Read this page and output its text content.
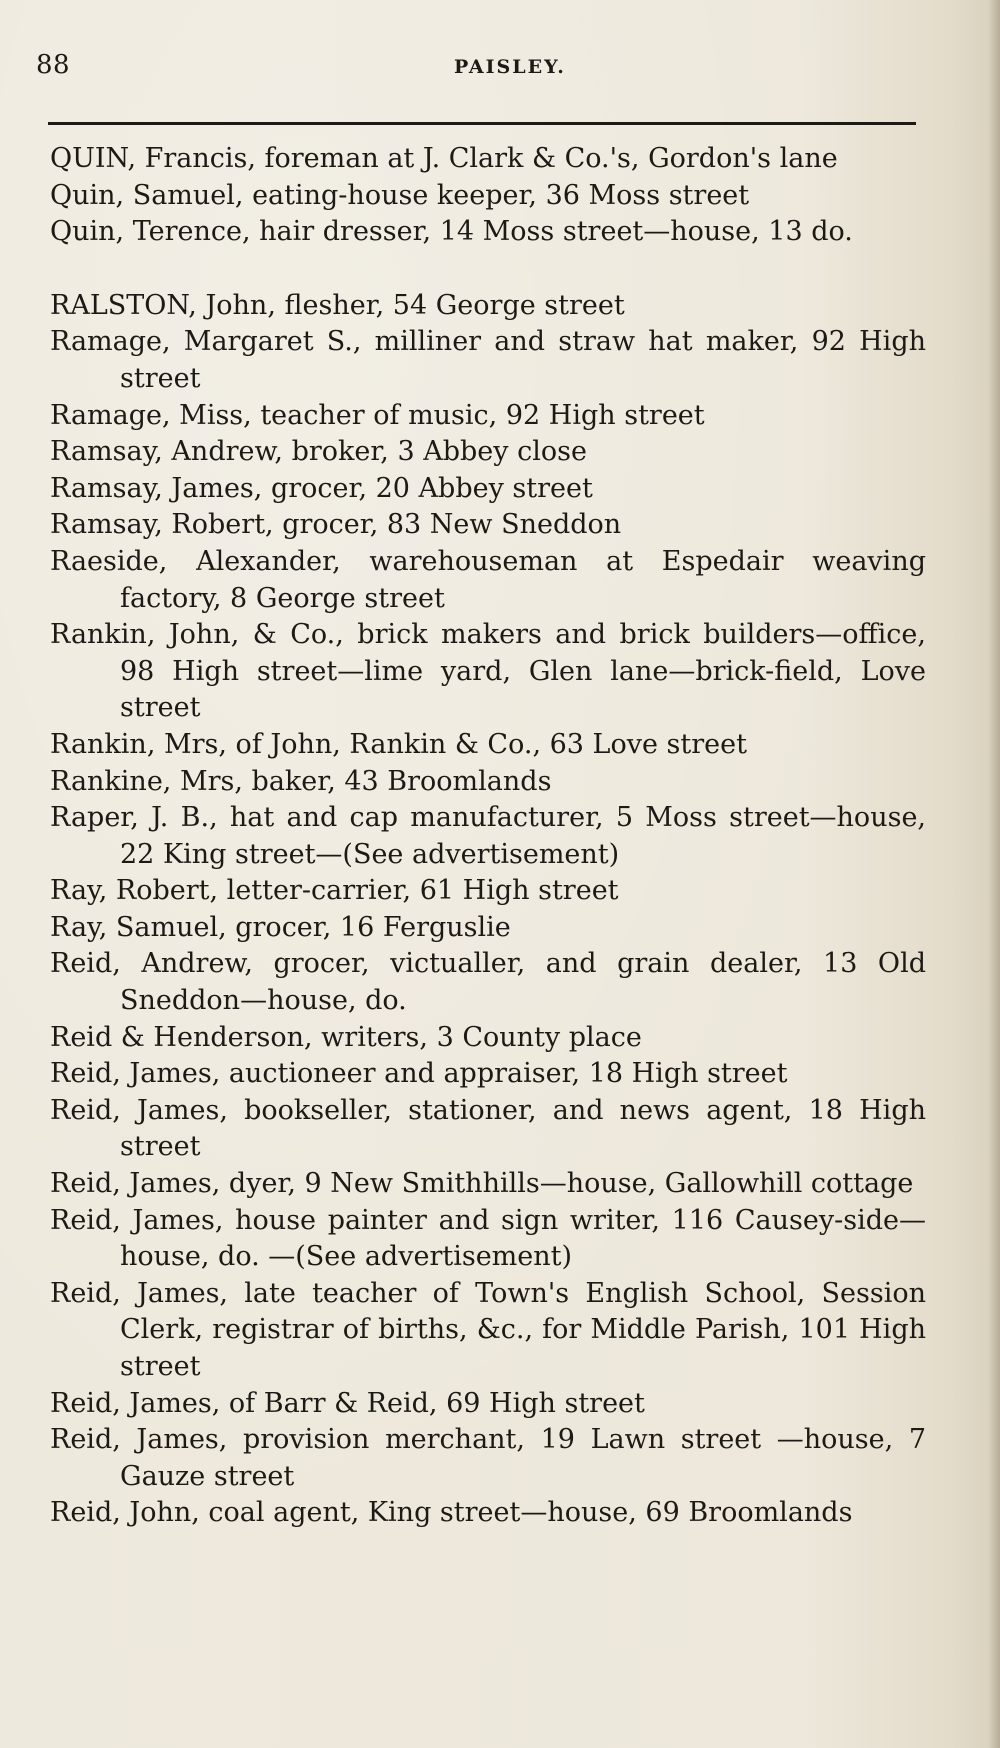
88	PAISLEY.
QUIN, Francis, foreman at J. Clark & Co.'s, Gordon's lane
Quin, Samuel, eating-house keeper, 36 Moss street
Quin, Terence, hair dresser, 14 Moss street—house, 13 do.
RALSTON, John, flesher, 54 George street
Ramage, Margaret S., milliner and straw hat maker, 92 High street
Ramage, Miss, teacher of music, 92 High street
Ramsay, Andrew, broker, 3 Abbey close
Ramsay, James, grocer, 20 Abbey street
Ramsay, Robert, grocer, 83 New Sneddon
Raeside, Alexander, warehouseman at Espedair weaving factory, 8 George street
Rankin, John, & Co., brick makers and brick builders—office, 98 High street—lime yard, Glen lane—brick-field, Love street
Rankin, Mrs, of John, Rankin & Co., 63 Love street
Rankine, Mrs, baker, 43 Broomlands
Raper, J. B., hat and cap manufacturer, 5 Moss street—house, 22 King street—(See advertisement)
Ray, Robert, letter-carrier, 61 High street
Ray, Samuel, grocer, 16 Ferguslie
Reid, Andrew, grocer, victualler, and grain dealer, 13 Old Sneddon—house, do.
Reid & Henderson, writers, 3 County place
Reid, James, auctioneer and appraiser, 18 High street
Reid, James, bookseller, stationer, and news agent, 18 High street
Reid, James, dyer, 9 New Smithhills—house, Gallowhill cottage
Reid, James, house painter and sign writer, 116 Causey-side—house, do. —(See advertisement)
Reid, James, late teacher of Town's English School, Session Clerk, registrar of births, &c., for Middle Parish, 101 High street
Reid, James, of Barr & Reid, 69 High street
Reid, James, provision merchant, 19 Lawn street —house, 7 Gauze street
Reid, John, coal agent, King street—house, 69 Broomlands
